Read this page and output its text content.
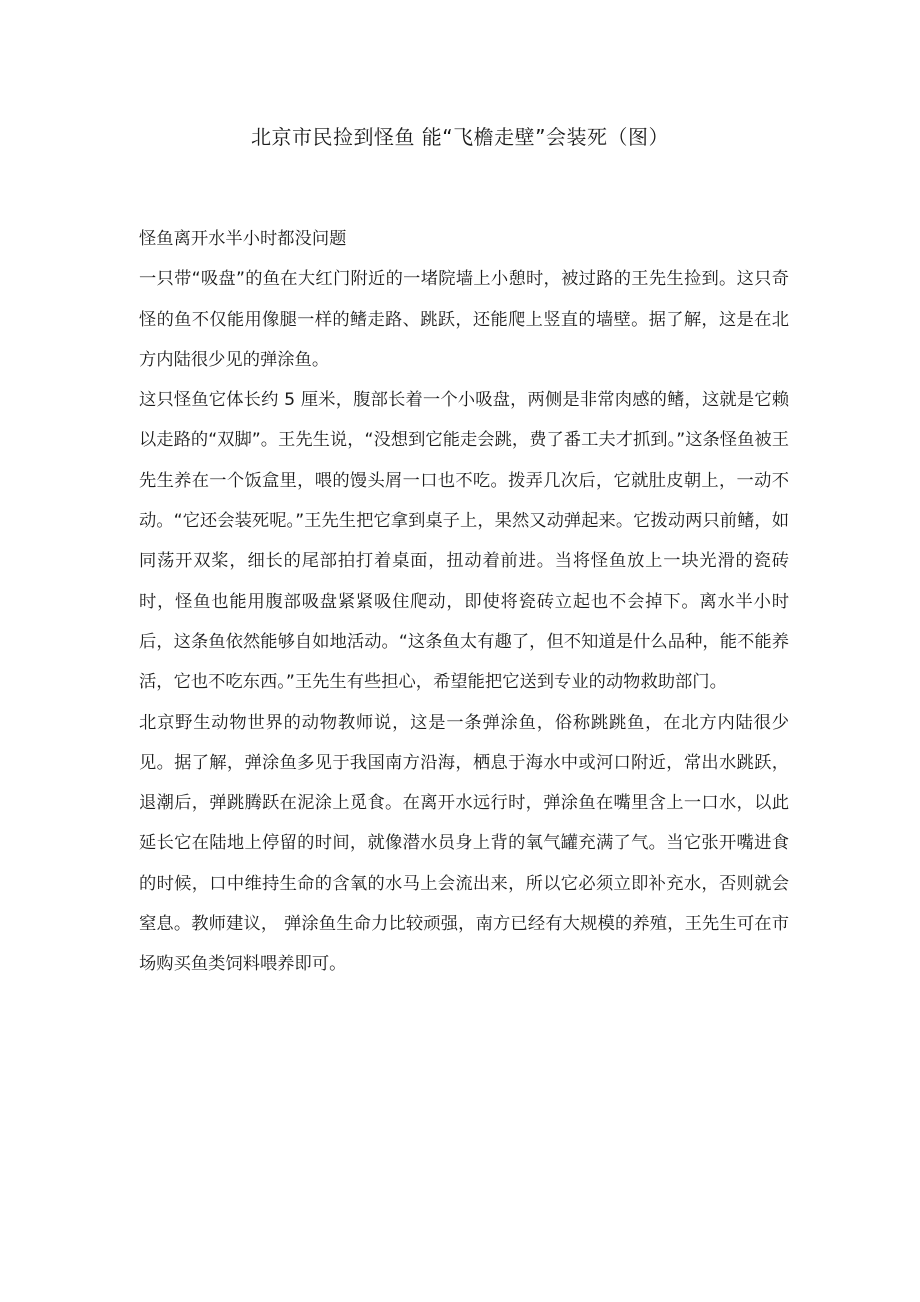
北京市民捡到怪鱼 能“飞檐走壁”会装死（图）

怪鱼离开水半小时都没问题

一只带“吸盘”的鱼在大红门附近的一堵院墙上小憩时，被过路的王先生捡到。这只奇怪的鱼不仅能用像腿一样的鳍走路、跳跃，还能爬上竖直的墙壁。据了解，这是在北方内陆很少见的弹涂鱼。

这只怪鱼它体长约 5 厘米，腹部长着一个小吸盘，两侧是非常肉感的鳍，这就是它赖以走路的“双脚”。王先生说，“没想到它能走会跳，费了番工夫才抓到。”这条怪鱼被王先生养在一个饭盒里，喂的馒头屑一口也不吃。拨弄几次后，它就肚皮朝上，一动不动。“它还会装死呢。”王先生把它拿到桌子上，果然又动弹起来。它拨动两只前鳍，如同荡开双桨，细长的尾部拍打着桌面，扭动着前进。当将怪鱼放上一块光滑的瓷砖时，怪鱼也能用腹部吸盘紧紧吸住爬动，即使将瓷砖立起也不会掉下。离水半小时后，这条鱼依然能够自如地活动。“这条鱼太有趣了，但不知道是什么品种，能不能养活，它也不吃东西。”王先生有些担心，希望能把它送到专业的动物救助部门。

北京野生动物世界的动物教师说，这是一条弹涂鱼，俗称跳跳鱼，在北方内陆很少见。据了解，弹涂鱼多见于我国南方沿海，栖息于海水中或河口附近，常出水跳跃，退潮后，弹跳腾跃在泥涂上觅食。在离开水远行时，弹涂鱼在嘴里含上一口水，以此延长它在陆地上停留的时间，就像潜水员身上背的氧气罐充满了气。当它张开嘴进食的时候，口中维持生命的含氧的水马上会流出来，所以它必须立即补充水，否则就会窒息。教师建议， 弹涂鱼生命力比较顽强，南方已经有大规模的养殖，王先生可在市场购买鱼类饲料喂养即可。
